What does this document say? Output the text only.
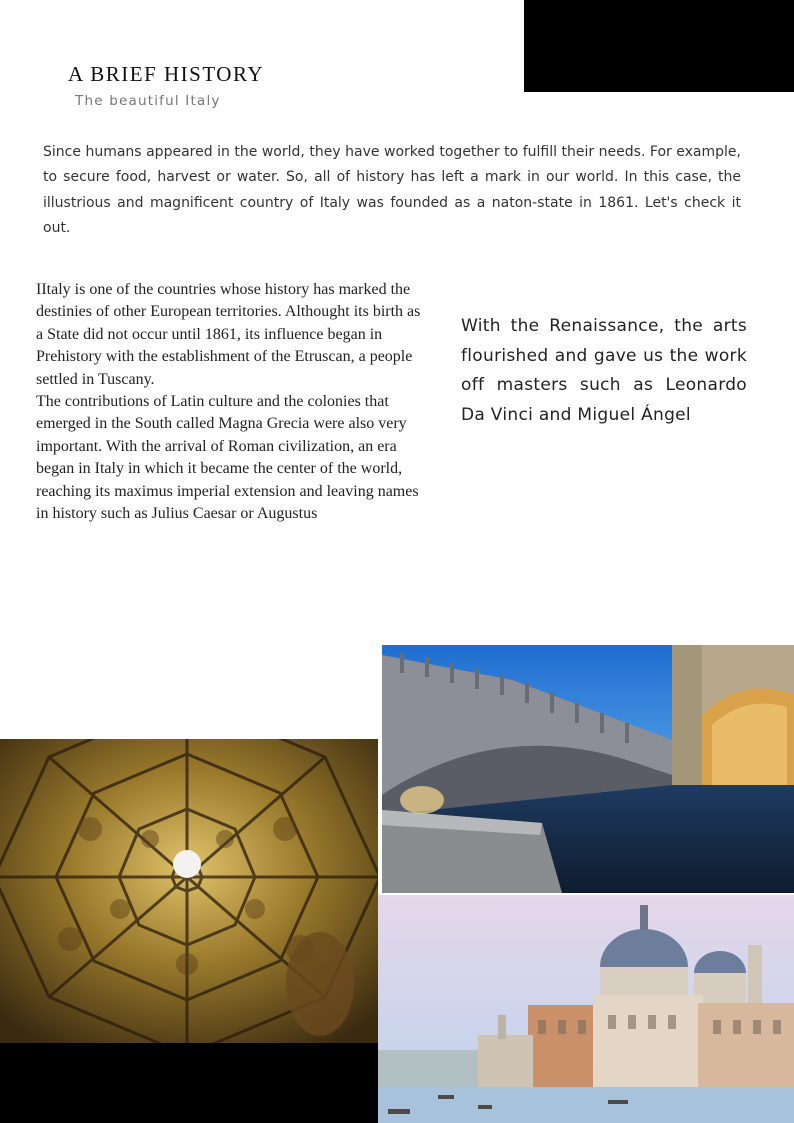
A BRIEF HISTORY
The beautiful Italy

Since humans appeared in the world, they have worked together to fulfill their needs. For example, to secure food, harvest or water. So, all of history has left a mark in our world. In this case, the illustrious and magnificent country of Italy was founded as a naton-state in 1861. Let's check it out.

IItaly is one of the countries whose history has marked the destinies of other European territories. Althought its birth as a State did not occur until 1861, its influence began in Prehistory with the establishment of the Etruscan, a people settled in Tuscany.
The contributions of Latin culture and the colonies that emerged in the South called Magna Grecia were also very important. With the arrival of Roman civilization, an era began in Italy in which it became the center of the world, reaching its maximus imperial extension and leaving names in history such as Julius Caesar or Augustus

With the Renaissance, the arts flourished and gave us the work off masters such as Leonardo Da Vinci and Miguel Ángel
